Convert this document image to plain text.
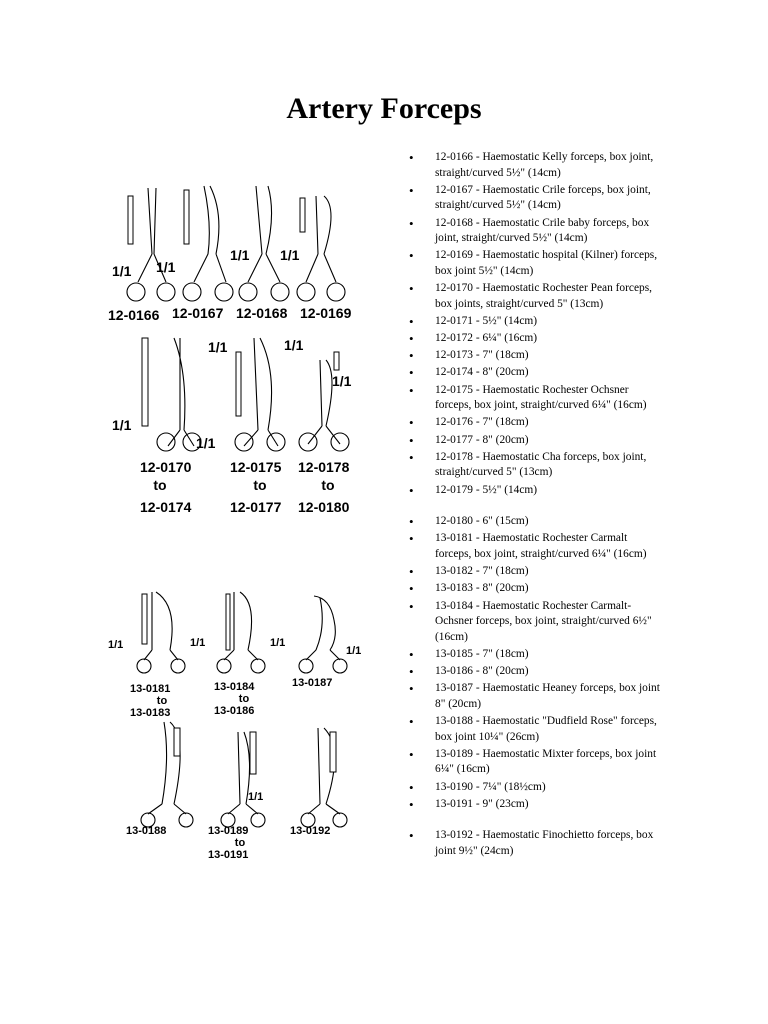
Artery Forceps
• 12-0166 - Haemostatic Kelly forceps, box joint, straight/curved 5½" (14cm)
• 12-0167 - Haemostatic Crile forceps, box joint, straight/curved 5½" (14cm)
• 12-0168 - Haemostatic Crile baby forceps, box joint, straight/curved 5½" (14cm)
• 12-0169 - Haemostatic hospital (Kilner) forceps, box joint 5½" (14cm)
• 12-0170 - Haemostatic Rochester Pean forceps, box joints, straight/curved 5" (13cm)
• 12-0171 - 5½" (14cm)
• 12-0172 - 6¼" (16cm)
• 12-0173 - 7" (18cm)
• 12-0174 - 8" (20cm)
• 12-0175 - Haemostatic Rochester Ochsner forceps, box joint, straight/curved 6¼" (16cm)
• 12-0176 - 7" (18cm)
• 12-0177 - 8" (20cm)
• 12-0178 - Haemostatic Cha forceps, box joint, straight/curved 5" (13cm)
• 12-0179 - 5½" (14cm)
• 12-0180 - 6" (15cm)
• 13-0181 - Haemostatic Rochester Carmalt forceps, box joint, straight/curved 6¼" (16cm)
• 13-0182 - 7" (18cm)
• 13-0183 - 8" (20cm)
• 13-0184 - Haemostatic Rochester Carmalt-Ochsner forceps, box joint, straight/curved 6½" (16cm)
• 13-0185 - 7" (18cm)
• 13-0186 - 8" (20cm)
• 13-0187 - Haemostatic Heaney forceps, box joint 8" (20cm)
• 13-0188 - Haemostatic "Dudfield Rose" forceps, box joint 10¼" (26cm)
• 13-0189 - Haemostatic Mixter forceps, box joint 6¼" (16cm)
• 13-0190 - 7¼" (18½cm)
• 13-0191 - 9" (23cm)
• 13-0192 - Haemostatic Finochietto forceps, box joint 9½" (24cm)
1/1 1/1
1/1 1/1
12-0166 12-0167 12-0168 12-0169
1/1	1/1
1/1
1/1
1/1
12-0170
to
12-0174
12-0175
to
12-0177
12-0178
to
12-0180
1/1	1/1	1/1
1/1
13-0181
to
13-0183
13-0184
to
13-0186
13-0187
1/1
13-0188	13-0189
to
13-0191
13-0192
